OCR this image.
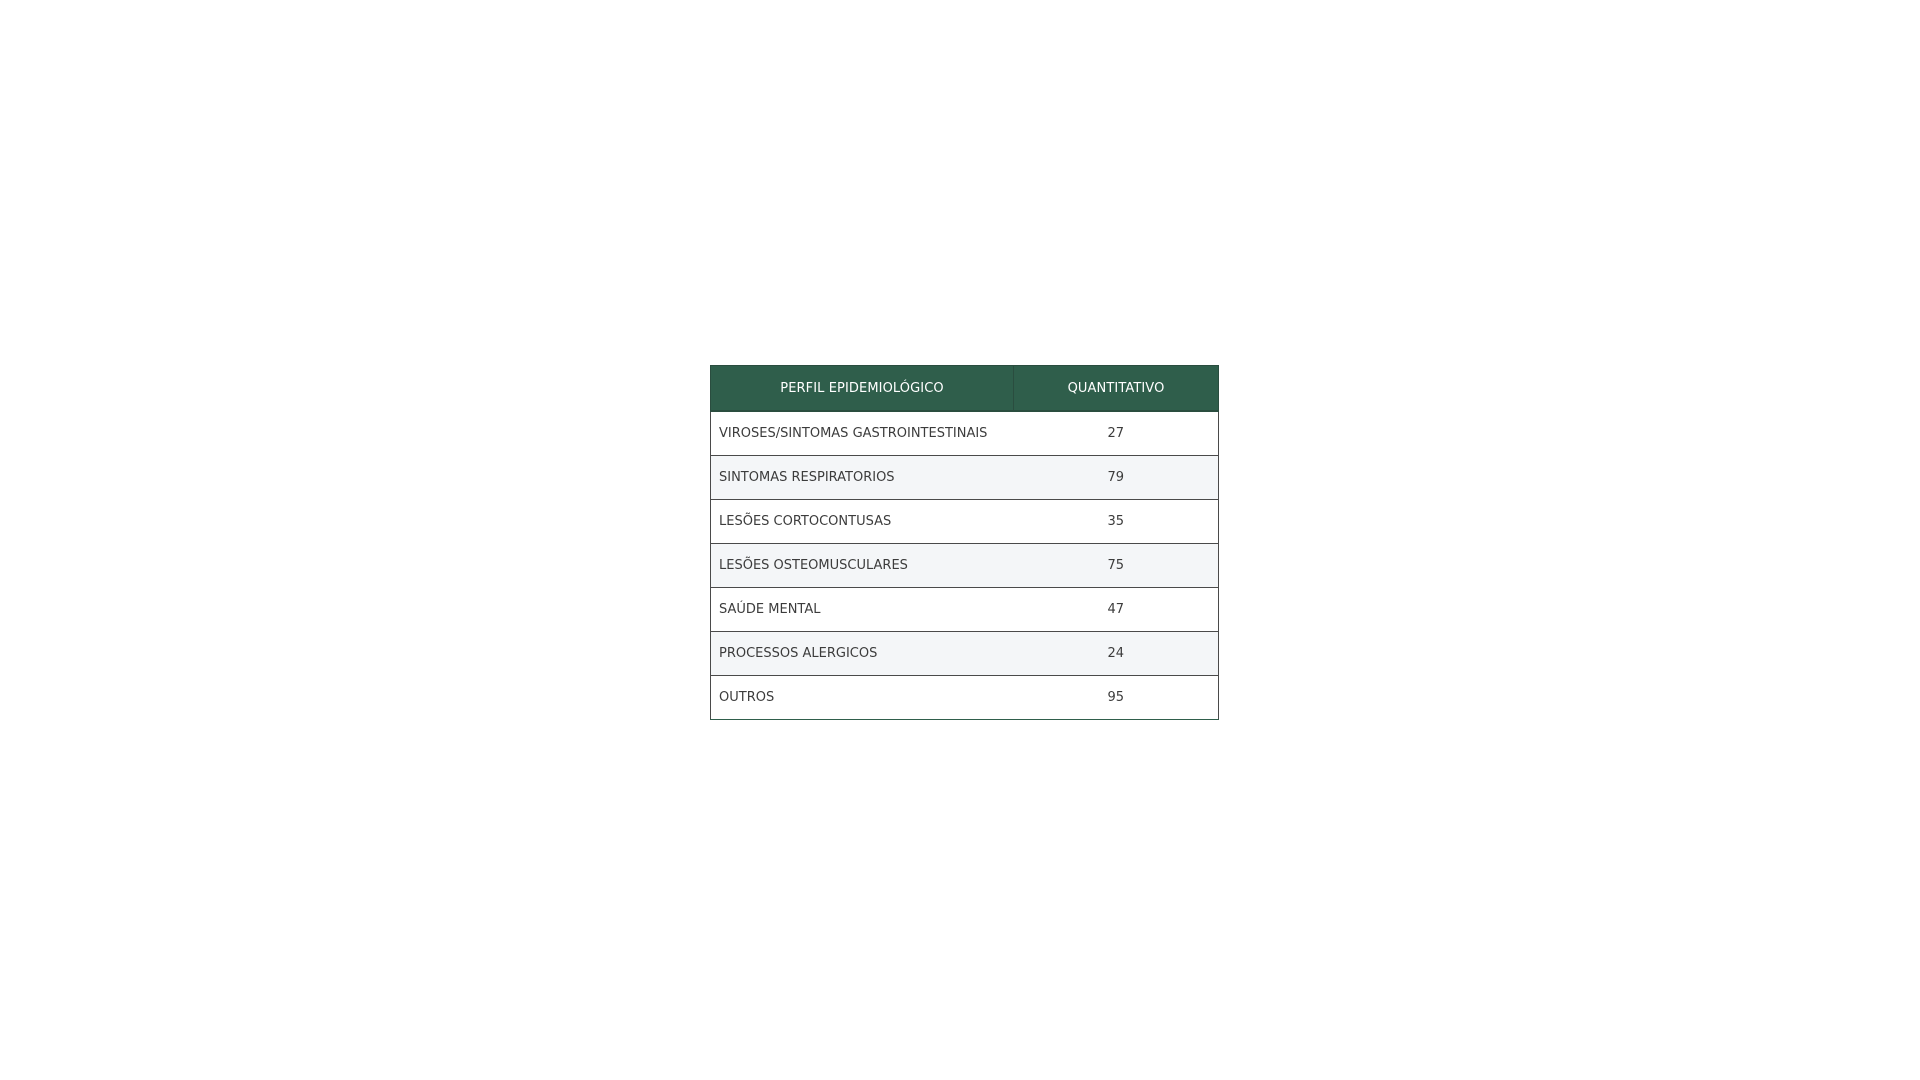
PERFIL EPIDEMIOLÓGICO	QUANTITATIVO
VIROSES/SINTOMAS GASTROINTESTINAIS	27
SINTOMAS RESPIRATORIOS	79
LESÕES CORTOCONTUSAS	35
LESÕES OSTEOMUSCULARES	75
SAÚDE MENTAL	47
PROCESSOS ALERGICOS	24
OUTROS	95
